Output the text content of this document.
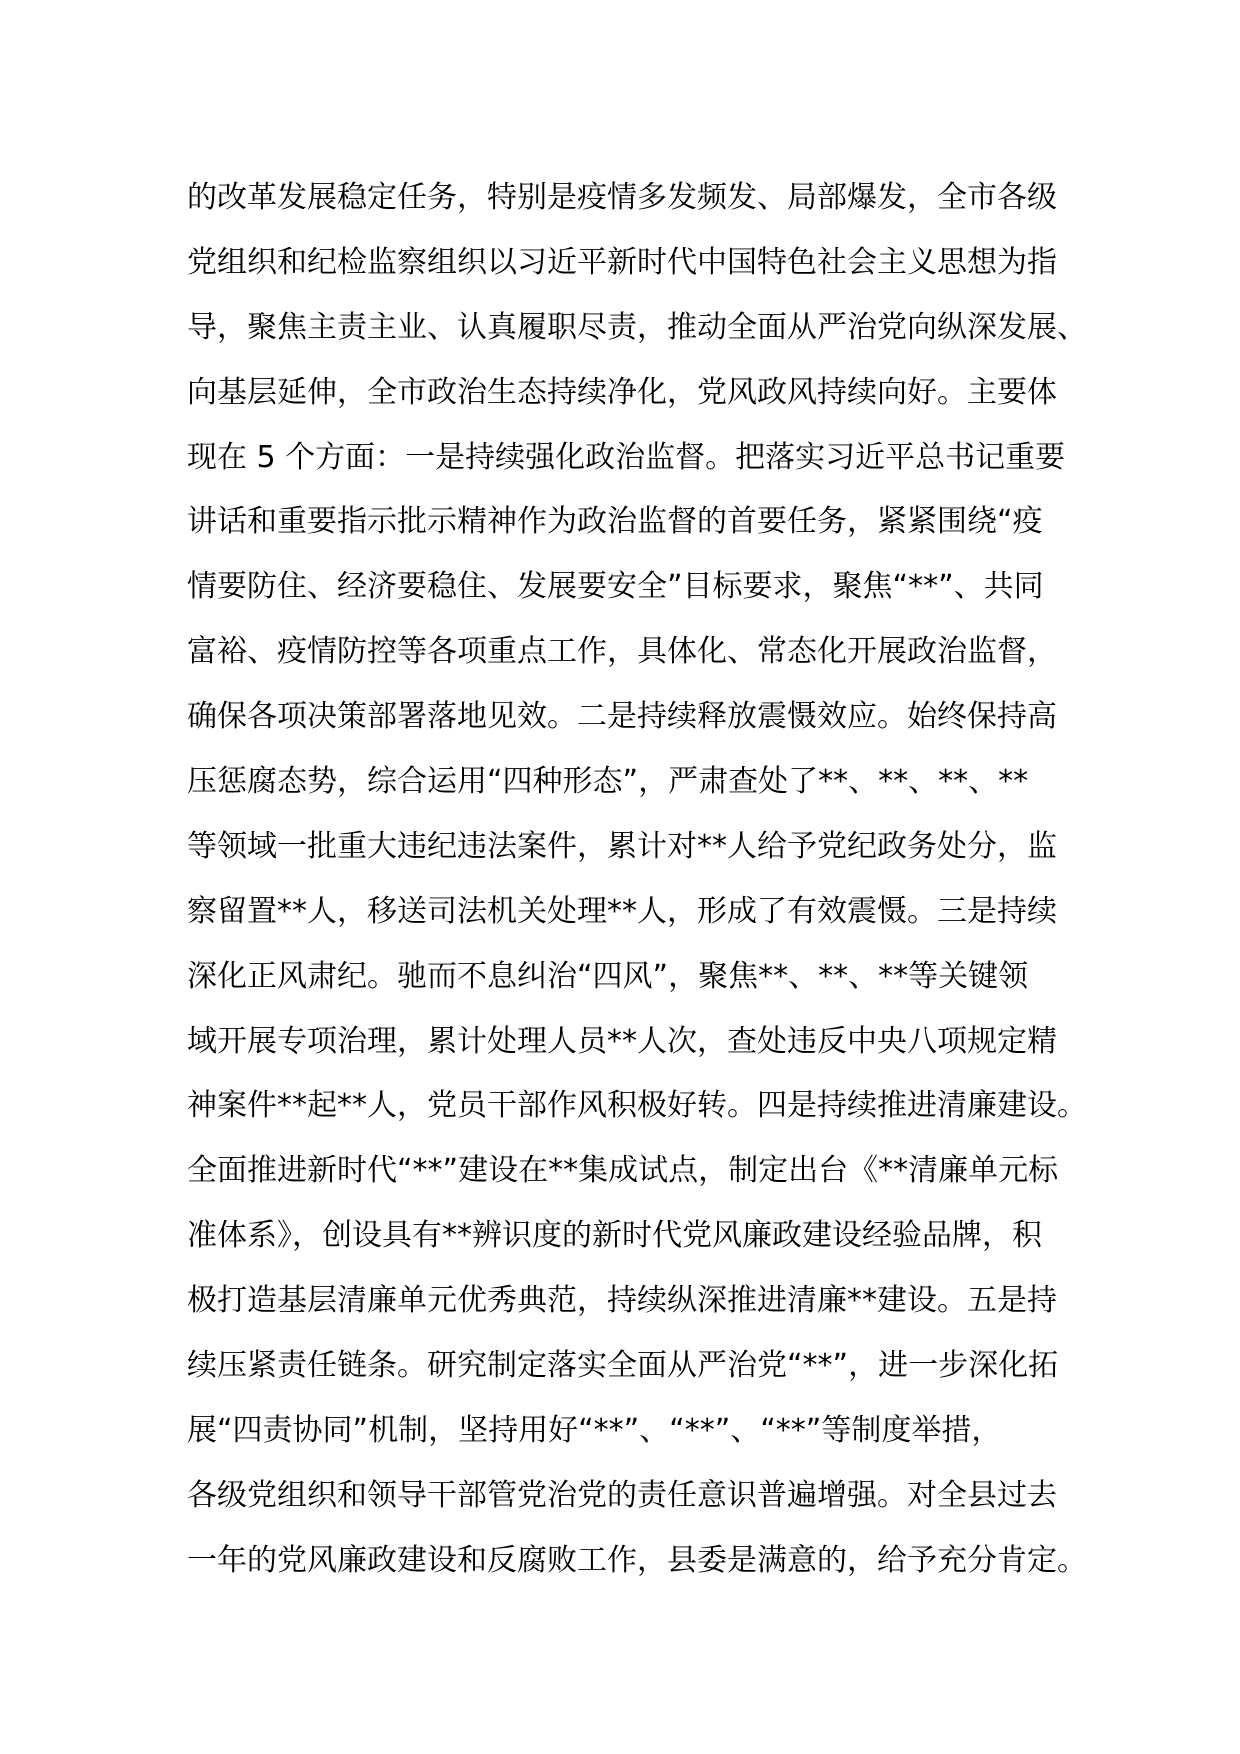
的改革发展稳定任务，特别是疫情多发频发、局部爆发，全市各级
党组织和纪检监察组织以习近平新时代中国特色社会主义思想为指
导，聚焦主责主业、认真履职尽责，推动全面从严治党向纵深发展、
向基层延伸，全市政治生态持续净化，党风政风持续向好。主要体
现在 5 个方面：一是持续强化政治监督。把落实习近平总书记重要
讲话和重要指示批示精神作为政治监督的首要任务，紧紧围绕“疫
情要防住、经济要稳住、发展要安全”目标要求，聚焦“**”、共同
富裕、疫情防控等各项重点工作，具体化、常态化开展政治监督，
确保各项决策部署落地见效。二是持续释放震慑效应。始终保持高
压惩腐态势，综合运用“四种形态”，严肃查处了**、**、**、**
等领域一批重大违纪违法案件，累计对**人给予党纪政务处分，监
察留置**人，移送司法机关处理**人，形成了有效震慑。三是持续
深化正风肃纪。驰而不息纠治“四风”，聚焦**、**、**等关键领
域开展专项治理，累计处理人员**人次，查处违反中央八项规定精
神案件**起**人，党员干部作风积极好转。四是持续推进清廉建设。
全面推进新时代“**”建设在**集成试点，制定出台《**清廉单元标
准体系》，创设具有**辨识度的新时代党风廉政建设经验品牌，积
极打造基层清廉单元优秀典范，持续纵深推进清廉**建设。五是持
续压紧责任链条。研究制定落实全面从严治党“**”，进一步深化拓
展“四责协同”机制，坚持用好“**”、“**”、“**”等制度举措，
各级党组织和领导干部管党治党的责任意识普遍增强。对全县过去
一年的党风廉政建设和反腐败工作，县委是满意的，给予充分肯定。
